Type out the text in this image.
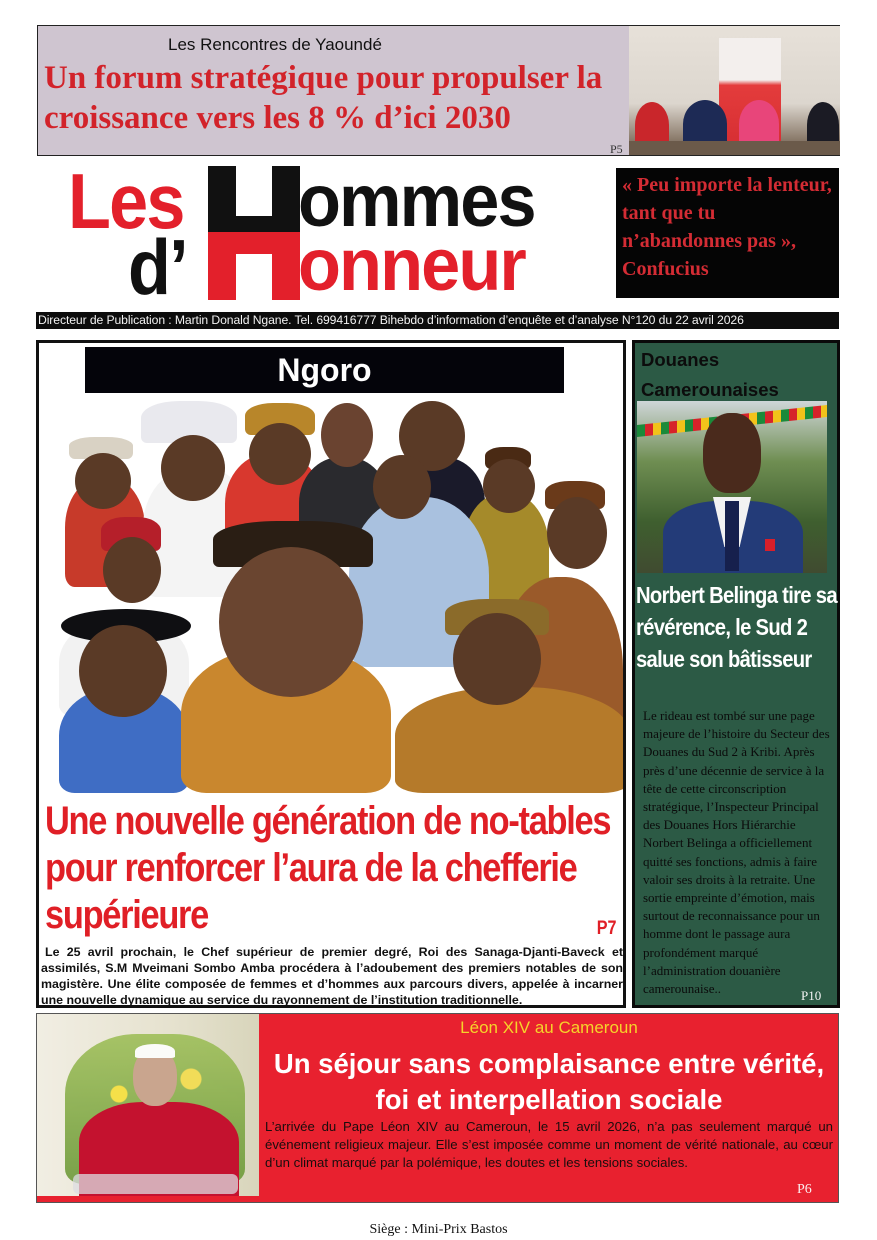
Les Rencontres de Yaoundé
Un forum stratégique pour propulser la croissance vers les 8 % d’ici 2030
P5
Les ommes
d’ onneur

« Peu importe la lenteur, tant que tu n’abandonnes pas », Confucius

Directeur de Publication : Martin Donald Ngane. Tel. 699416777 Bihebdo d’information d’enquête et d’analyse N°120 du 22 avril 2026
Ngoro
Une nouvelle génération de no-tables pour renforcer l’aura de la chefferie supérieure	P7

Le 25 avril prochain, le Chef supérieur de premier degré, Roi des Sanaga-Djanti-Baveck et assimilés, S.M Mveimani Sombo Amba procédera à l’adoubement des premiers notables de son magistère. Une élite composée de femmes et d’hommes aux parcours divers, appelée à incarner une nouvelle dynamique au service du rayonnement de l’institution traditionnelle.

Douanes Camerounaises
Norbert Belinga tire sa révérence, le Sud 2 salue son bâtisseur

Le rideau est tombé sur une page majeure de l’histoire du Secteur des Douanes du Sud 2 à Kribi. Après près d’une décennie de service à la tête de cette circonscription stratégique, l’Inspecteur Principal des Douanes Hors Hiérarchie Norbert Belinga a officiellement quitté ses fonctions, admis à faire valoir ses droits à la retraite. Une sortie empreinte d’émotion, mais surtout de reconnaissance pour un homme dont le passage aura profondément marqué l’administration douanière camerounaise..	P10
Léon XIV au Cameroun
Un séjour sans complaisance entre vérité, foi et interpellation sociale

L’arrivée du Pape Léon XIV au Cameroun, le 15 avril 2026, n’a pas seulement marqué un événement religieux majeur. Elle s’est imposée comme un moment de vérité nationale, au cœur d’un climat marqué par la polémique, les doutes et les tensions sociales.

P6
Siège : Mini-Prix Bastos
